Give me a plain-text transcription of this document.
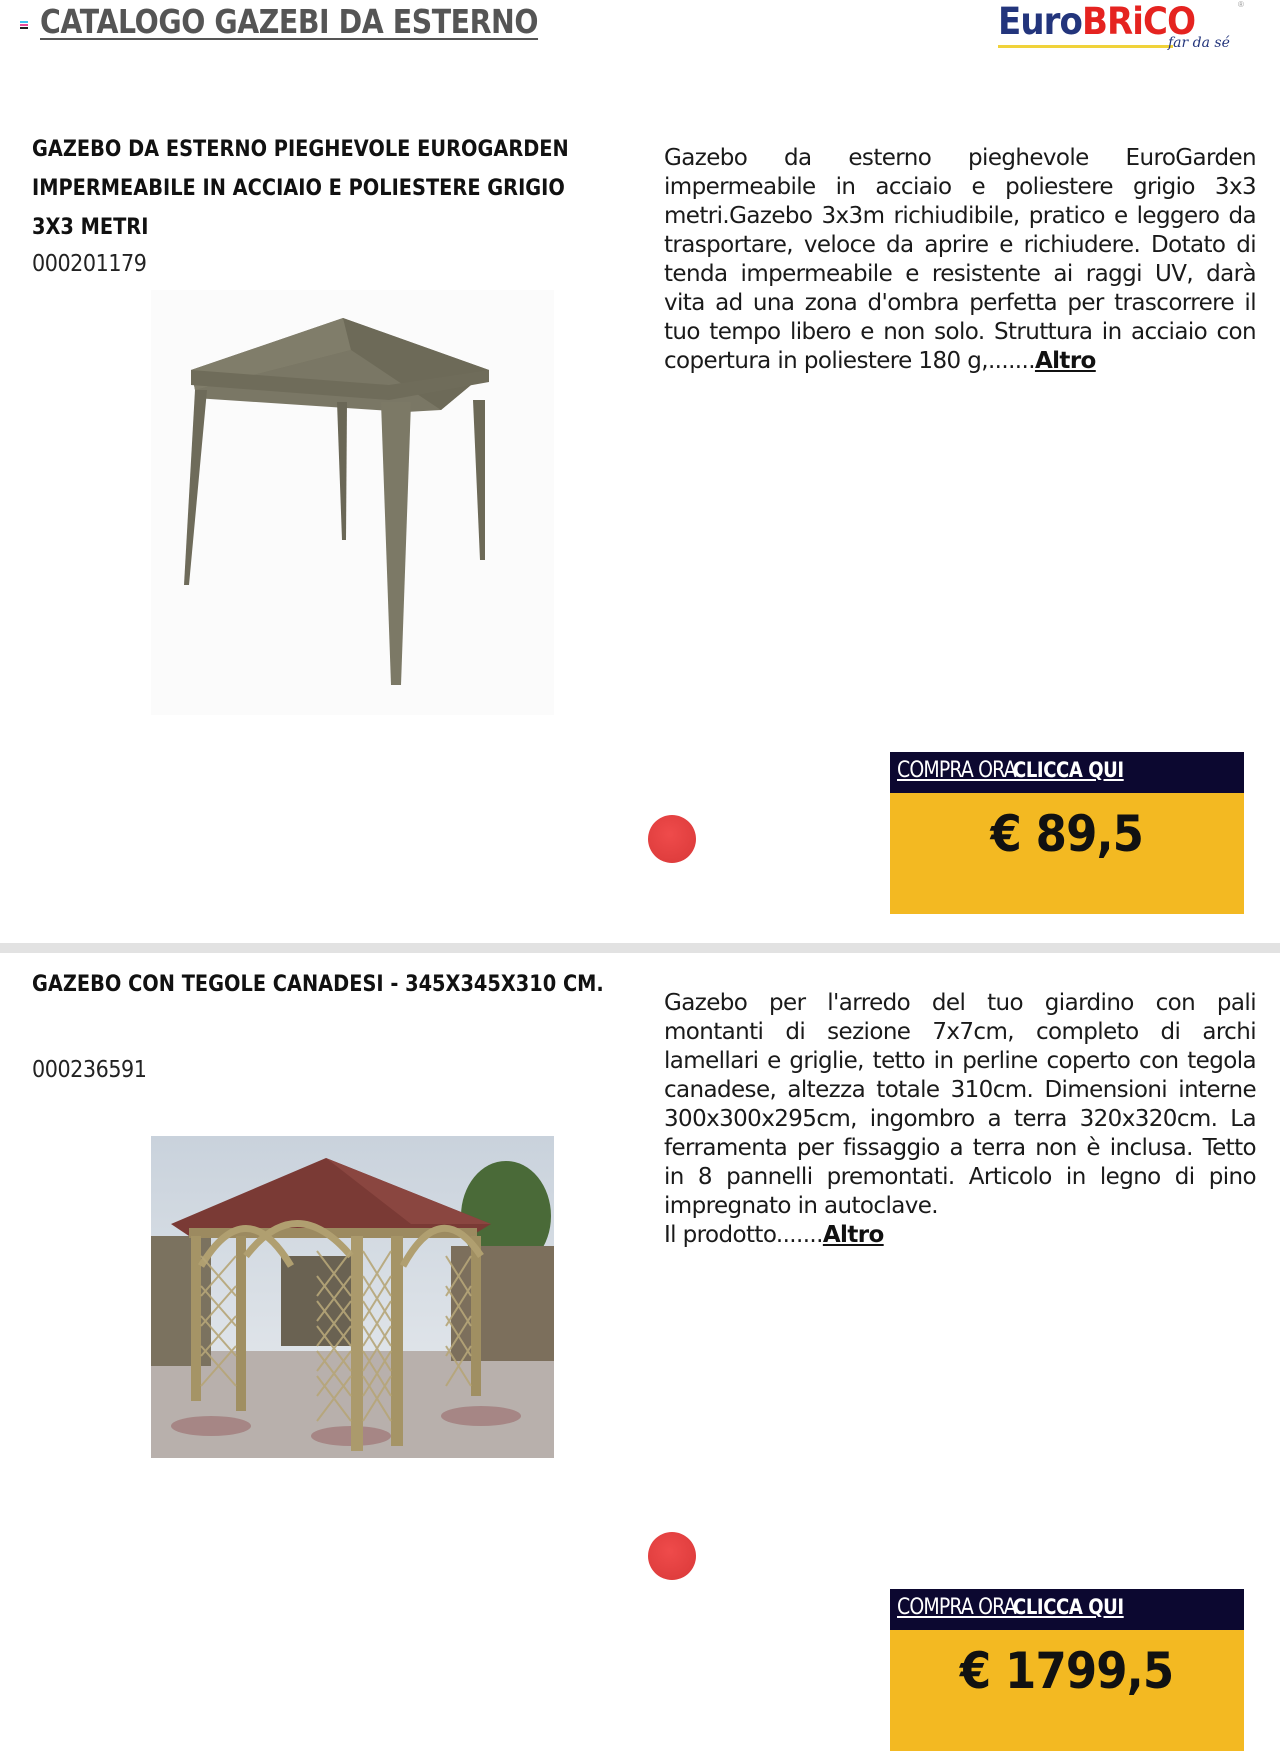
CATALOGO GAZEBI DA ESTERNO	EuroBRiCO	®
far da sé
GAZEBO DA ESTERNO PIEGHEVOLE EUROGARDEN IMPERMEABILE IN ACCIAIO E POLIESTERE GRIGIO 3X3 METRI
000201179
Gazebo da esterno pieghevole EuroGarden impermeabile in acciaio e poliestere grigio 3x3 metri.Gazebo 3x3m richiudibile, pratico e leggero da trasportare, veloce da aprire e richiudere. Dotato di tenda impermeabile e resistente ai raggi UV, darà vita ad una zona d'ombra perfetta per trascorrere il tuo tempo libero e non solo. Struttura in acciaio con copertura in poliestere 180 g,.......Altro
COMPRA ORACLICCA QUI
€ 89,5
GAZEBO CON TEGOLE CANADESI - 345X345X310 CM.
000236591
Gazebo per l'arredo del tuo giardino con pali montanti di sezione 7x7cm, completo di archi lamellari e griglie, tetto in perline coperto con tegola canadese, altezza totale 310cm. Dimensioni interne 300x300x295cm, ingombro a terra 320x320cm. La ferramenta per fissaggio a terra non è inclusa. Tetto in 8 pannelli premontati. Articolo in legno di pino impregnato in autoclave.
Il prodotto.......Altro
COMPRA ORACLICCA QUI
€ 1799,5
